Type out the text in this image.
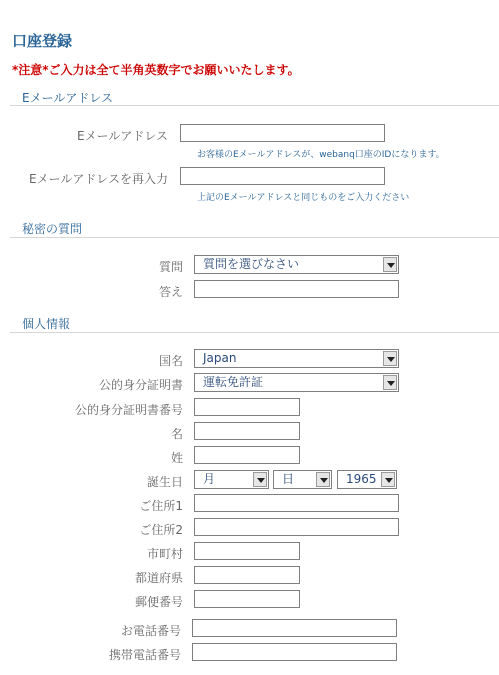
口座登録
*注意*ご入力は全て半角英数字でお願いいたします。
Eメールアドレス
Eメールアドレス
お客様のEメールアドレスが、webanq口座のIDになります。
Eメールアドレスを再入力
上記のEメールアドレスと同じものをご入力ください
秘密の質問
質問	質問を選びなさい
答え
個人情報
国名	Japan
公的身分証明書	運転免許証
公的身分証明書番号
名
姓
誕生日	月	日	1965
ご住所1
ご住所2
市町村
都道府県
郵便番号
お電話番号
携帯電話番号
